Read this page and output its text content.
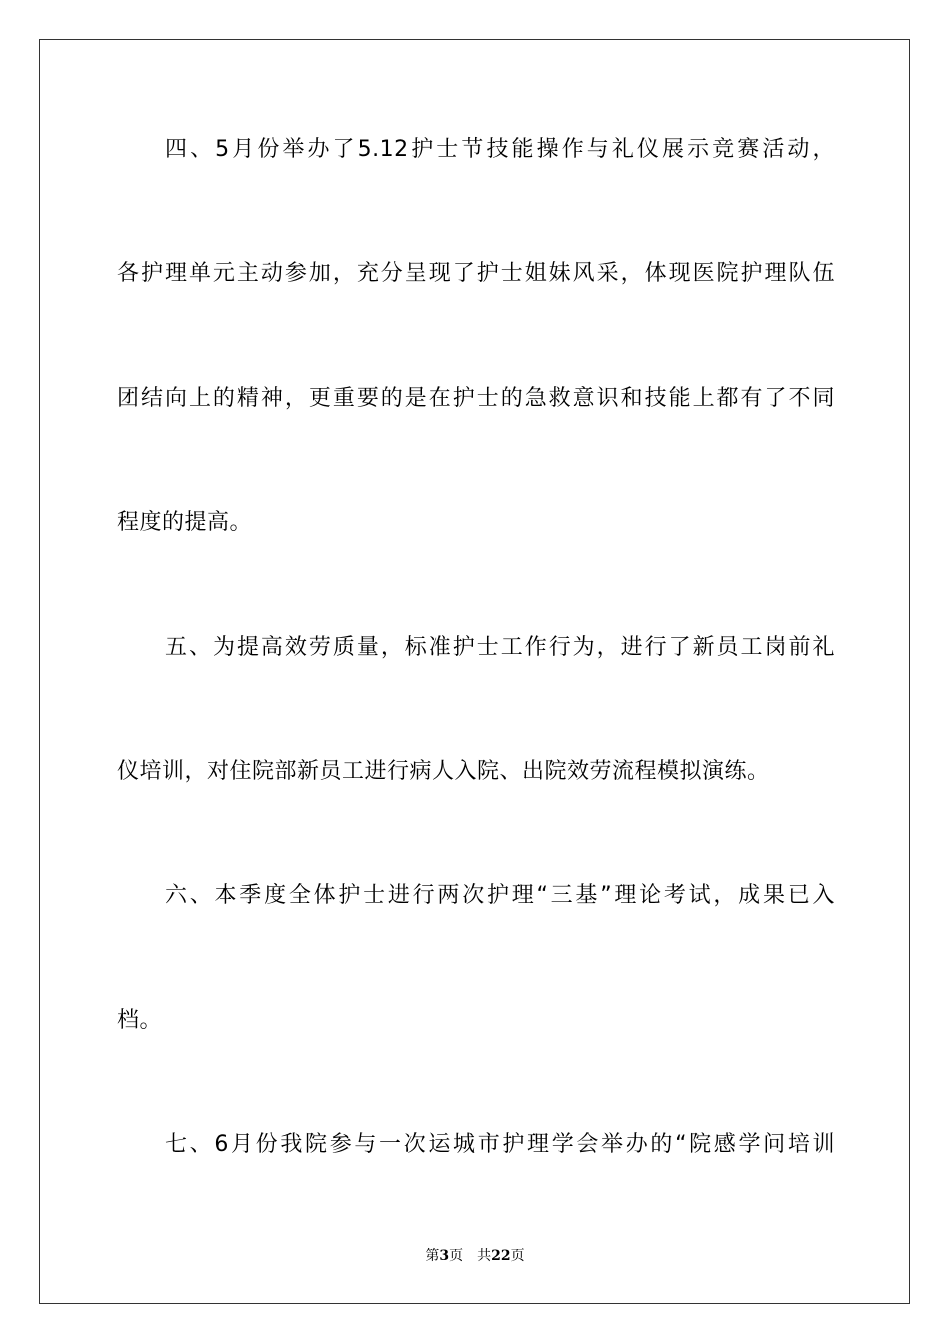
四、5月份举办了5.12护士节技能操作与礼仪展示竞赛活动，

各护理单元主动参加，充分呈现了护士姐妹风采，体现医院护理队伍

团结向上的精神，更重要的是在护士的急救意识和技能上都有了不同

程度的提高。

五、为提高效劳质量，标准护士工作行为，进行了新员工岗前礼

仪培训，对住院部新员工进行病人入院、出院效劳流程模拟演练。

六、本季度全体护士进行两次护理“三基”理论考试，成果已入

档。

七、6月份我院参与一次运城市护理学会举办的“院感学问培训

第3页 共22页
